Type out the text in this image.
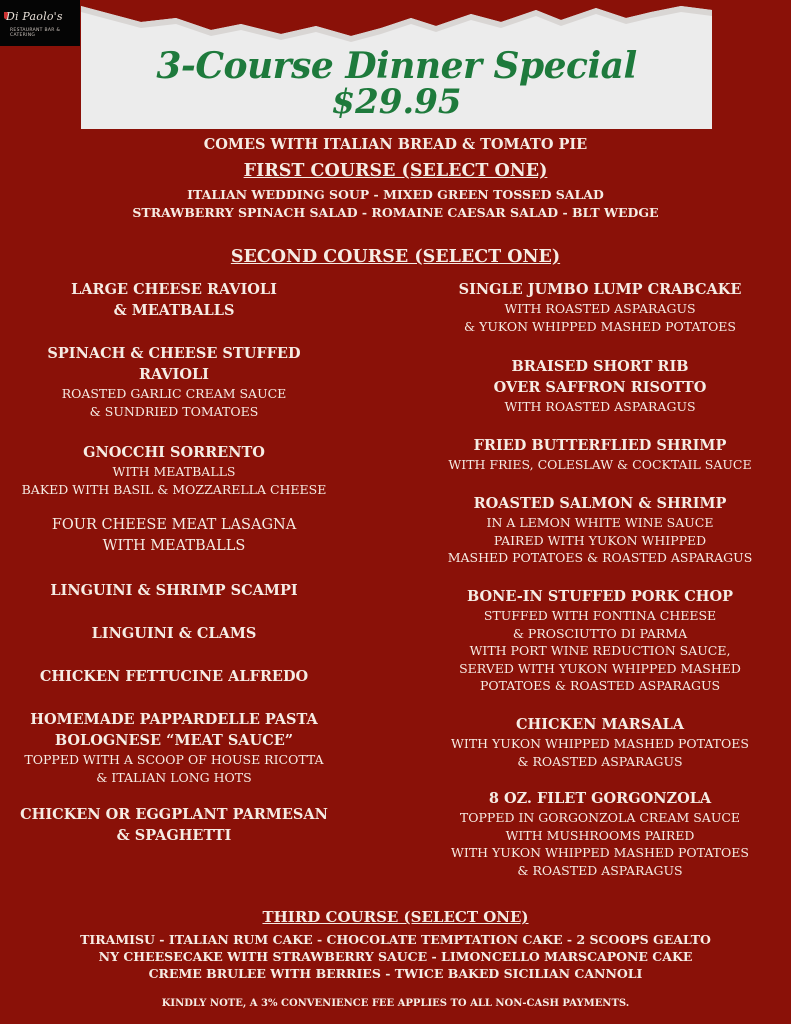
Di Paolo's
RESTAURANT BAR & CATERING
3-Course Dinner Special
$29.95
COMES WITH ITALIAN BREAD & TOMATO PIE
FIRST COURSE (SELECT ONE)
ITALIAN WEDDING SOUP - MIXED GREEN TOSSED SALAD
STRAWBERRY SPINACH SALAD - ROMAINE CAESAR SALAD - BLT WEDGE
SECOND COURSE (SELECT ONE)
LARGE CHEESE RAVIOLI
& MEATBALLS
SPINACH & CHEESE STUFFED
RAVIOLI
ROASTED GARLIC CREAM SAUCE
& SUNDRIED TOMATOES
GNOCCHI SORRENTO
WITH MEATBALLS
BAKED WITH BASIL & MOZZARELLA CHEESE
FOUR CHEESE MEAT LASAGNA
WITH MEATBALLS
LINGUINI & SHRIMP SCAMPI
LINGUINI & CLAMS
CHICKEN FETTUCINE ALFREDO
HOMEMADE PAPPARDELLE PASTA
BOLOGNESE “MEAT SAUCE”
TOPPED WITH A SCOOP OF HOUSE RICOTTA
& ITALIAN LONG HOTS
CHICKEN OR EGGPLANT PARMESAN
& SPAGHETTI
SINGLE JUMBO LUMP CRABCAKE
WITH ROASTED ASPARAGUS
& YUKON WHIPPED MASHED POTATOES
BRAISED SHORT RIB
OVER SAFFRON RISOTTO
WITH ROASTED ASPARAGUS
FRIED BUTTERFLIED SHRIMP
WITH FRIES, COLESLAW & COCKTAIL SAUCE
ROASTED SALMON & SHRIMP
IN A LEMON WHITE WINE SAUCE
PAIRED WITH YUKON WHIPPED
MASHED POTATOES & ROASTED ASPARAGUS
BONE-IN STUFFED PORK CHOP
STUFFED WITH FONTINA CHEESE
& PROSCIUTTO DI PARMA
WITH PORT WINE REDUCTION SAUCE,
SERVED WITH YUKON WHIPPED MASHED
POTATOES & ROASTED ASPARAGUS
CHICKEN MARSALA
WITH YUKON WHIPPED MASHED POTATOES
& ROASTED ASPARAGUS
8 OZ. FILET GORGONZOLA
TOPPED IN GORGONZOLA CREAM SAUCE
WITH MUSHROOMS PAIRED
WITH YUKON WHIPPED MASHED POTATOES
& ROASTED ASPARAGUS
THIRD COURSE (SELECT ONE)
TIRAMISU - ITALIAN RUM CAKE - CHOCOLATE TEMPTATION CAKE - 2 SCOOPS GEALTO
NY CHEESECAKE WITH STRAWBERRY SAUCE - LIMONCELLO MARSCAPONE CAKE
CREME BRULEE WITH BERRIES - TWICE BAKED SICILIAN CANNOLI
KINDLY NOTE, A 3% CONVENIENCE FEE APPLIES TO ALL NON-CASH PAYMENTS.
